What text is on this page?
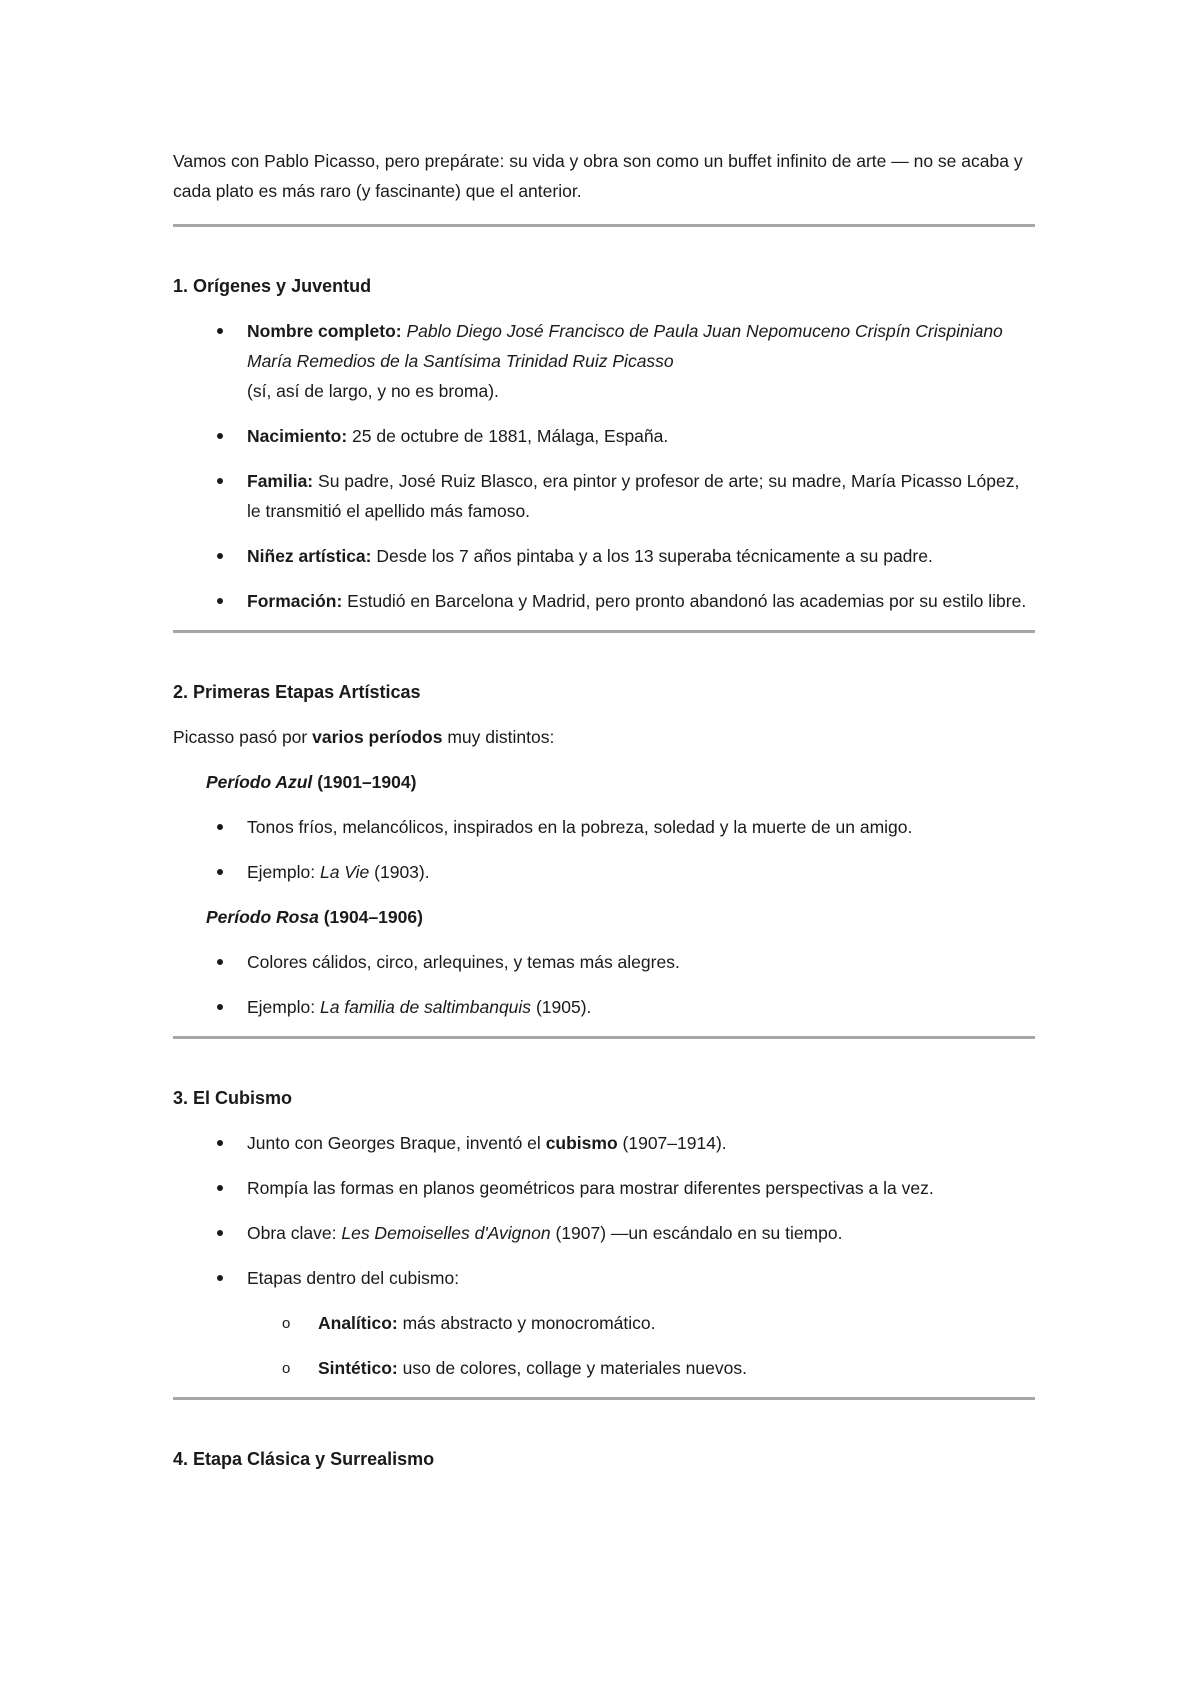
Vamos con Pablo Picasso, pero prepárate: su vida y obra son como un buffet infinito de arte — no se acaba y cada plato es más raro (y fascinante) que el anterior.

1. Orígenes y Juventud
Nombre completo: Pablo Diego José Francisco de Paula Juan Nepomuceno Crispín Crispiniano María Remedios de la Santísima Trinidad Ruiz Picasso
(sí, así de largo, y no es broma).
Nacimiento: 25 de octubre de 1881, Málaga, España.
Familia: Su padre, José Ruiz Blasco, era pintor y profesor de arte; su madre, María Picasso López, le transmitió el apellido más famoso.
Niñez artística: Desde los 7 años pintaba y a los 13 superaba técnicamente a su padre.
Formación: Estudió en Barcelona y Madrid, pero pronto abandonó las academias por su estilo libre.
2. Primeras Etapas Artísticas

Picasso pasó por varios períodos muy distintos:

Período Azul (1901–1904)

Tonos fríos, melancólicos, inspirados en la pobreza, soledad y la muerte de un amigo.
Ejemplo: La Vie (1903).

Período Rosa (1904–1906)

Colores cálidos, circo, arlequines, y temas más alegres.
Ejemplo: La familia de saltimbanquis (1905).
3. El Cubismo
Junto con Georges Braque, inventó el cubismo (1907–1914).
Rompía las formas en planos geométricos para mostrar diferentes perspectivas a la vez.
Obra clave: Les Demoiselles d'Avignon (1907) —un escándalo en su tiempo.
Etapas dentro del cubismo:
o Analítico: más abstracto y monocromático.
o Sintético: uso de colores, collage y materiales nuevos.
4. Etapa Clásica y Surrealismo
